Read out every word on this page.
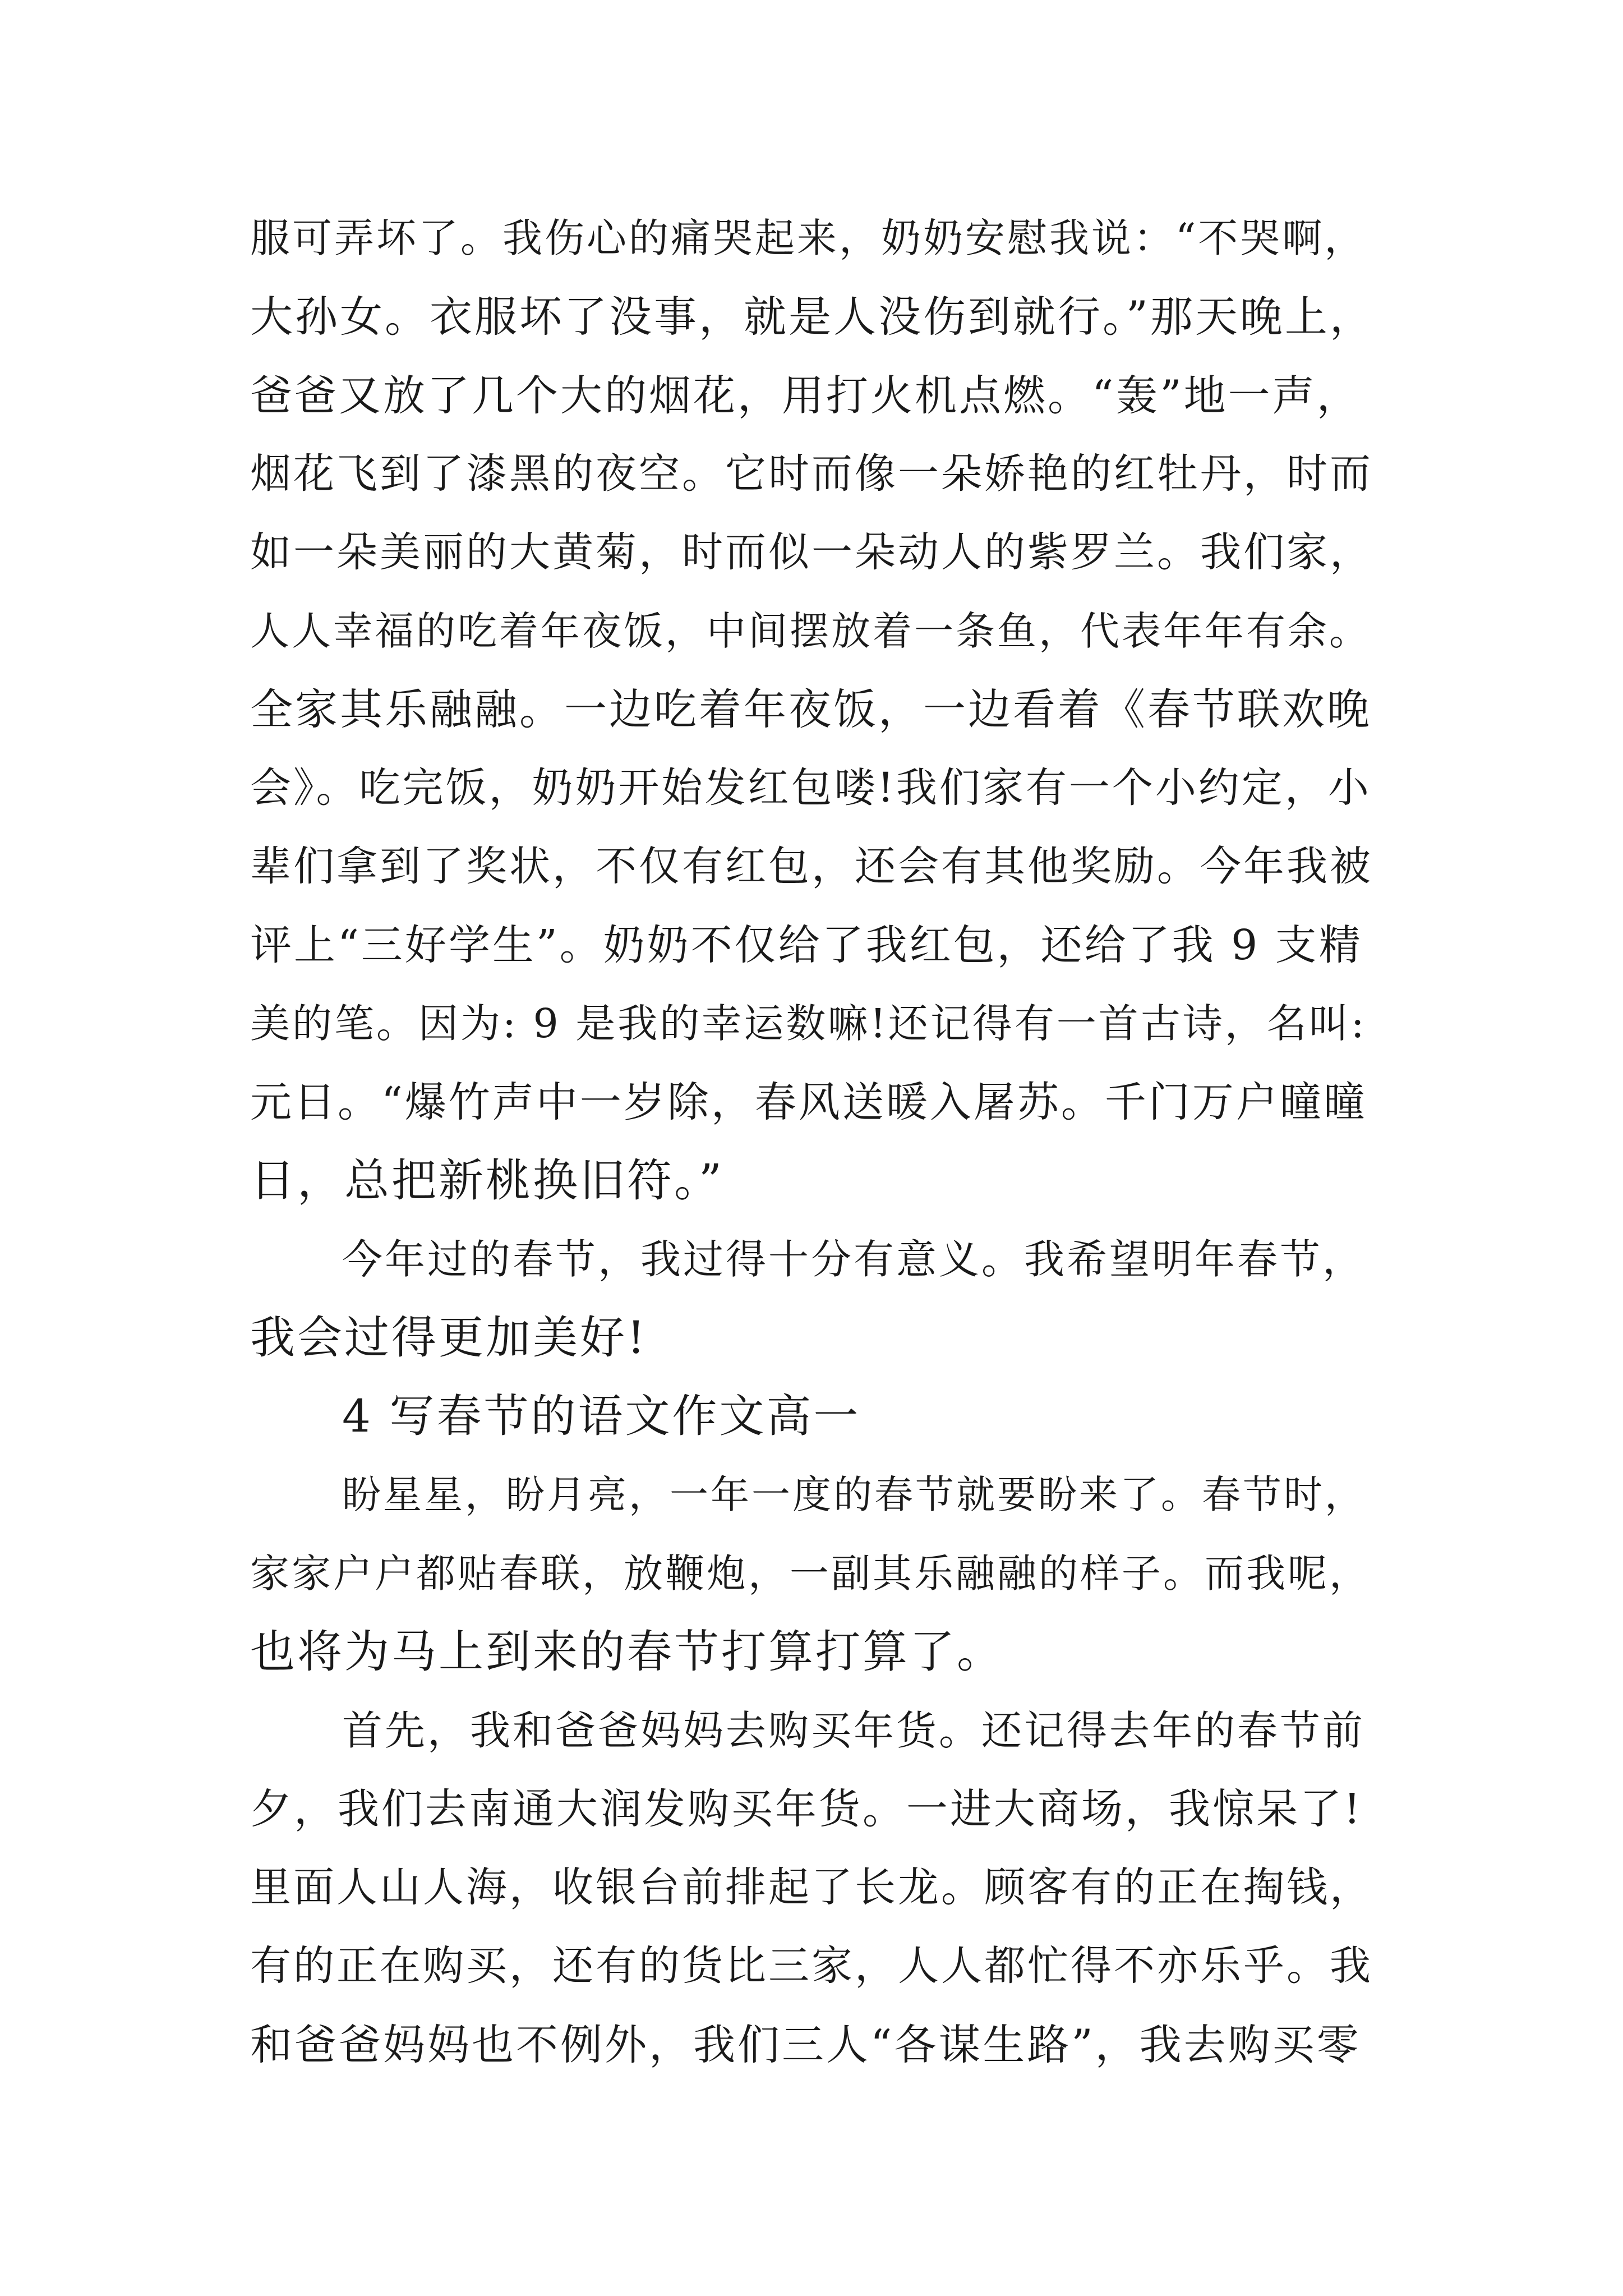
服可弄坏了。我伤心的痛哭起来，奶奶安慰我说：“不哭啊，
大孙女。衣服坏了没事，就是人没伤到就行。”那天晚上，
爸爸又放了几个大的烟花，用打火机点燃。“轰”地一声，
烟花飞到了漆黑的夜空。它时而像一朵娇艳的红牡丹，时而
如一朵美丽的大黄菊，时而似一朵动人的紫罗兰。我们家，
人人幸福的吃着年夜饭，中间摆放着一条鱼，代表年年有余。
全家其乐融融。一边吃着年夜饭，一边看着《春节联欢晚
会》。吃完饭，奶奶开始发红包喽!我们家有一个小约定，小
辈们拿到了奖状，不仅有红包，还会有其他奖励。今年我被
评上“三好学生”。奶奶不仅给了我红包，还给了我 9 支精
美的笔。因为: 9 是我的幸运数嘛!还记得有一首古诗，名叫:
元日。“爆竹声中一岁除，春风送暖入屠苏。千门万户曈曈
日，总把新桃换旧符。”
今年过的春节，我过得十分有意义。我希望明年春节，
我会过得更加美好!
4 写春节的语文作文高一
盼星星，盼月亮，一年一度的春节就要盼来了。春节时，
家家户户都贴春联，放鞭炮，一副其乐融融的样子。而我呢，
也将为马上到来的春节打算打算了。
首先，我和爸爸妈妈去购买年货。还记得去年的春节前
夕，我们去南通大润发购买年货。一进大商场，我惊呆了!
里面人山人海，收银台前排起了长龙。顾客有的正在掏钱，
有的正在购买，还有的货比三家，人人都忙得不亦乐乎。我
和爸爸妈妈也不例外，我们三人“各谋生路”，我去购买零
